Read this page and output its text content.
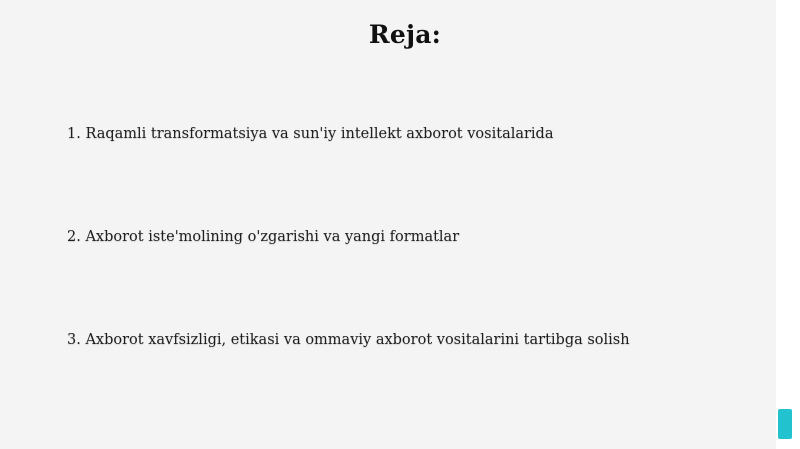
Reja:
1. Raqamli transformatsiya va sun'iy intellekt axborot vositalarida
2. Axborot iste'molining o'zgarishi va yangi formatlar
3. Axborot xavfsizligi, etikasi va ommaviy axborot vositalarini tartibga solish
